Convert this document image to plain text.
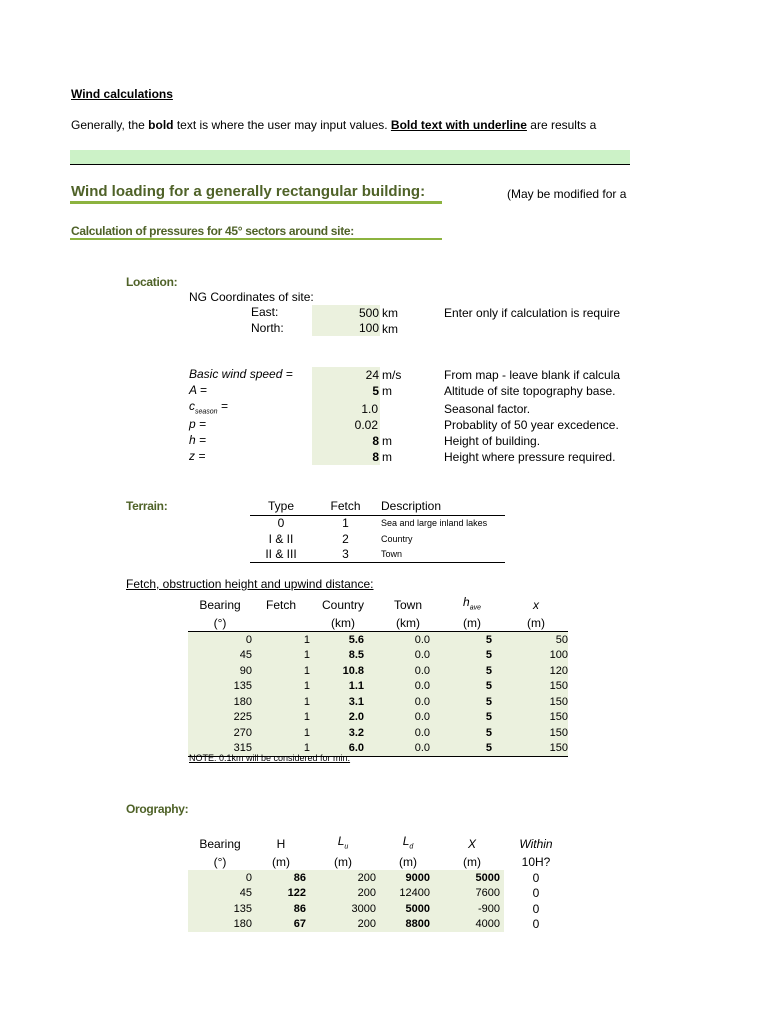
Wind calculations
Generally, the bold text is where the user may input values. Bold text with underline are results a
Wind loading for a generally rectangular building:	(May be modified for a
Calculation of pressures for 45° sectors around site:
Location:
NG Coordinates of site:
East:	500 km	Enter only if calculation is require
North:	100 km
Basic wind speed =	24 m/s	From map - leave blank if calcula
A =	5 m	Altitude of site topography base.
$c_{season}$ =	1.0	Seasonal factor.
p =	0.02	Probablity of 50 year excedence.
h =	8 m	Height of building.
z =	8 m	Height where pressure required.
Terrain:	Type	Fetch	Description
0	1	Sea and large inland lakes
I & II	2	Country
II & III	3	Town
Fetch, obstruction height and upwind distance:
Bearing	Fetch	Country	Town	$h_{ave}$	x
(°)		(km)	(km)	(m)	(m)
0	1	5.6	0.0	5	50
45	1	8.5	0.0	5	100
90	1	10.8	0.0	5	120
135	1	1.1	0.0	5	150
180	1	3.1	0.0	5	150
225	1	2.0	0.0	5	150
270	1	3.2	0.0	5	150
315	1	6.0	0.0	5	150
NOTE: 0.1km will be considered for min.
Orography:
Bearing	H	$L_u$	$L_d$	X	Within
(°)	(m)	(m)	(m)	(m)	10H?
0	86	200	9000	5000	0
45	122	200	12400	7600	0
135	86	3000	5000	-900	0
180	67	200	8800	4000	0
